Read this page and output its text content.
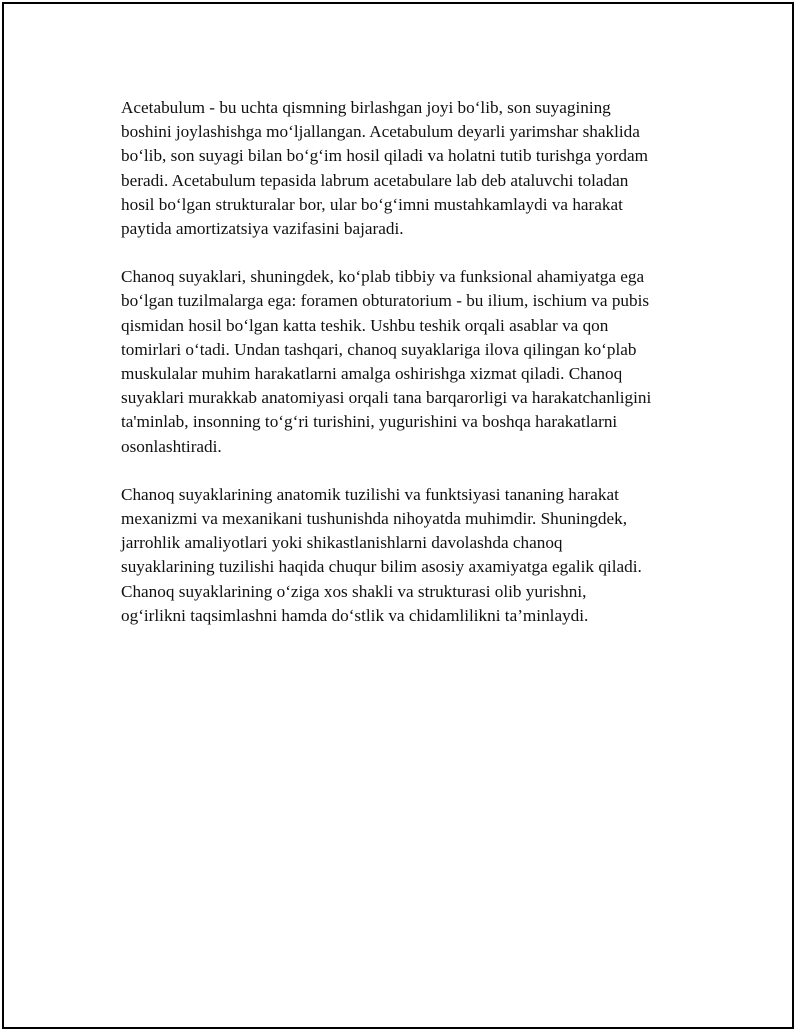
Acetabulum - bu uchta qismning birlashgan joyi bo‘lib, son suyagining
boshini joylashishga mo‘ljallangan. Acetabulum deyarli yarimshar shaklida
bo‘lib, son suyagi bilan bo‘g‘im hosil qiladi va holatni tutib turishga yordam
beradi. Acetabulum tepasida labrum acetabulare lab deb ataluvchi toladan
hosil bo‘lgan strukturalar bor, ular bo‘g‘imni mustahkamlaydi va harakat
paytida amortizatsiya vazifasini bajaradi.

Chanoq suyaklari, shuningdek, ko‘plab tibbiy va funksional ahamiyatga ega
bo‘lgan tuzilmalarga ega: foramen obturatorium - bu ilium, ischium va pubis
qismidan hosil bo‘lgan katta teshik. Ushbu teshik orqali asablar va qon
tomirlari o‘tadi. Undan tashqari, chanoq suyaklariga ilova qilingan ko‘plab
muskulalar muhim harakatlarni amalga oshirishga xizmat qiladi. Chanoq
suyaklari murakkab anatomiyasi orqali tana barqarorligi va harakatchanligini
ta'minlab, insonning to‘g‘ri turishini, yugurishini va boshqa harakatlarni
osonlashtiradi.

Chanoq suyaklarining anatomik tuzilishi va funktsiyasi tananing harakat
mexanizmi va mexanikani tushunishda nihoyatda muhimdir. Shuningdek,
jarrohlik amaliyotlari yoki shikastlanishlarni davolashda chanoq
suyaklarining tuzilishi haqida chuqur bilim asosiy axamiyatga egalik qiladi.
Chanoq suyaklarining o‘ziga xos shakli va strukturasi olib yurishni,
og‘irlikni taqsimlashni hamda do‘stlik va chidamlilikni ta’minlaydi.
